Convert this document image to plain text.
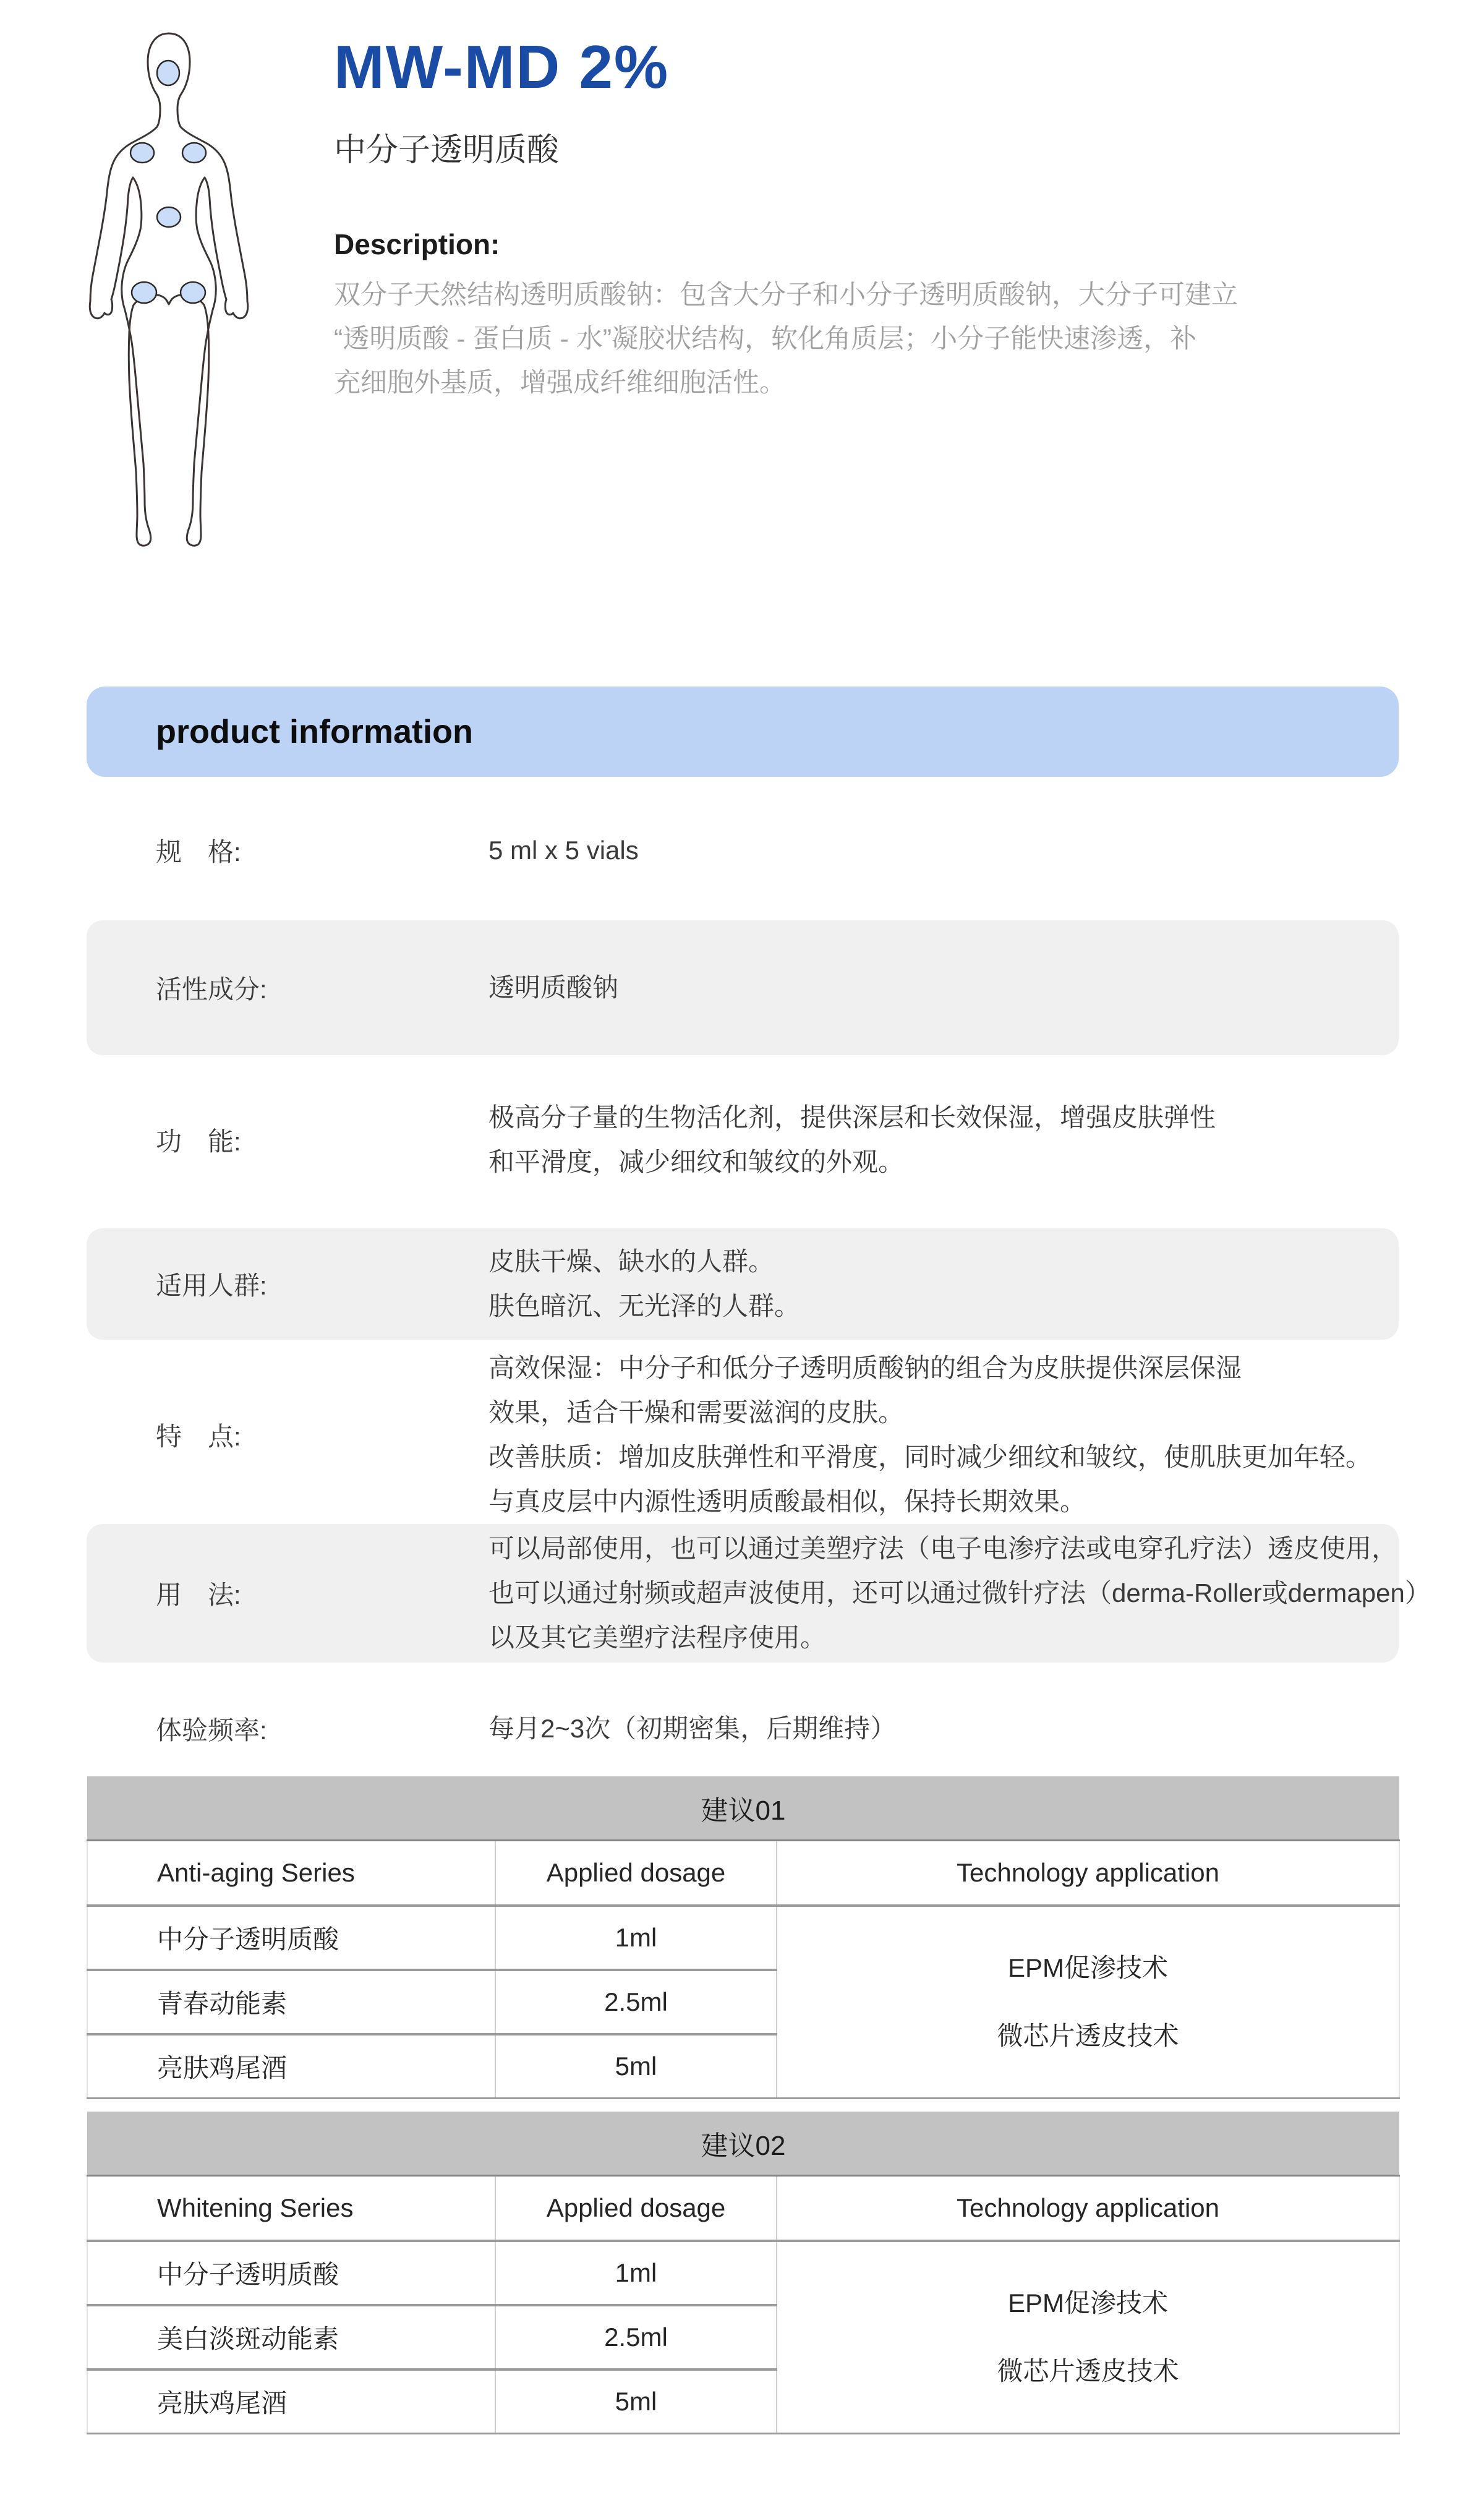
MW-MD 2%
中分子透明质酸
Description:
双分子天然结构透明质酸钠：包含大分子和小分子透明质酸钠，大分子可建立
“透明质酸 - 蛋白质 - 水”凝胶状结构，软化角质层；小分子能快速渗透，补
充细胞外基质，增强成纤维细胞活性。
product information
规　格:	5 ml x 5 vials
活性成分:	透明质酸钠
功　能:
极高分子量的生物活化剂，提供深层和长效保湿，增强皮肤弹性
和平滑度，减少细纹和皱纹的外观。
适用人群:
皮肤干燥、缺水的人群。
肤色暗沉、无光泽的人群。
特　点:
高效保湿：中分子和低分子透明质酸钠的组合为皮肤提供深层保湿
效果，适合干燥和需要滋润的皮肤。
改善肤质：增加皮肤弹性和平滑度，同时减少细纹和皱纹，使肌肤更加年轻。
与真皮层中内源性透明质酸最相似，保持长期效果。
用　法:
可以局部使用，也可以通过美塑疗法（电子电渗疗法或电穿孔疗法）透皮使用，
也可以通过射频或超声波使用，还可以通过微针疗法（derma-Roller或dermapen）
以及其它美塑疗法程序使用。
体验频率:	每月2~3次（初期密集，后期维持）
建议01		
Anti-aging Series	Applied dosage	Technology application
中分子透明质酸	1ml	EPM促渗技术
微芯片透皮技术

青春动能素	2.5ml	
亮肤鸡尾酒	5ml	
建议02		
Whitening Series	Applied dosage	Technology application
中分子透明质酸	1ml	EPM促渗技术
微芯片透皮技术

美白淡斑动能素	2.5ml	
亮肤鸡尾酒	5ml	
